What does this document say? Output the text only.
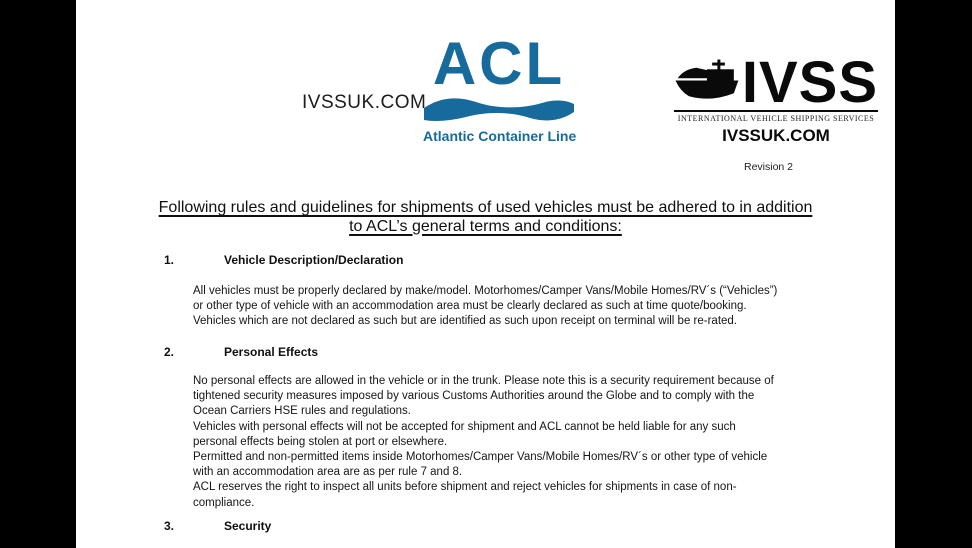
IVSSUK.COM
ACL
Atlantic Container Line
IVSS
INTERNATIONAL VEHICLE SHIPPING SERVICES
IVSSUK.COM
Revision 2
Following rules and guidelines for shipments of used vehicles must be adhered to in addition
to ACL’s general terms and conditions:
1.	Vehicle Description/Declaration
All vehicles must be properly declared by make/model. Motorhomes/Camper Vans/Mobile Homes/RV´s (“Vehicles”)
or other type of vehicle with an accommodation area must be clearly declared as such at time quote/booking.
Vehicles which are not declared as such but are identified as such upon receipt on terminal will be re-rated.
2.	Personal Effects
No personal effects are allowed in the vehicle or in the trunk. Please note this is a security requirement because of
tightened security measures imposed by various Customs Authorities around the Globe and to comply with the
Ocean Carriers HSE rules and regulations.
Vehicles with personal effects will not be accepted for shipment and ACL cannot be held liable for any such
personal effects being stolen at port or elsewhere.
Permitted and non-permitted items inside Motorhomes/Camper Vans/Mobile Homes/RV´s or other type of vehicle
with an accommodation area are as per rule 7 and 8.
ACL reserves the right to inspect all units before shipment and reject vehicles for shipments in case of non-
compliance.
3.	Security
